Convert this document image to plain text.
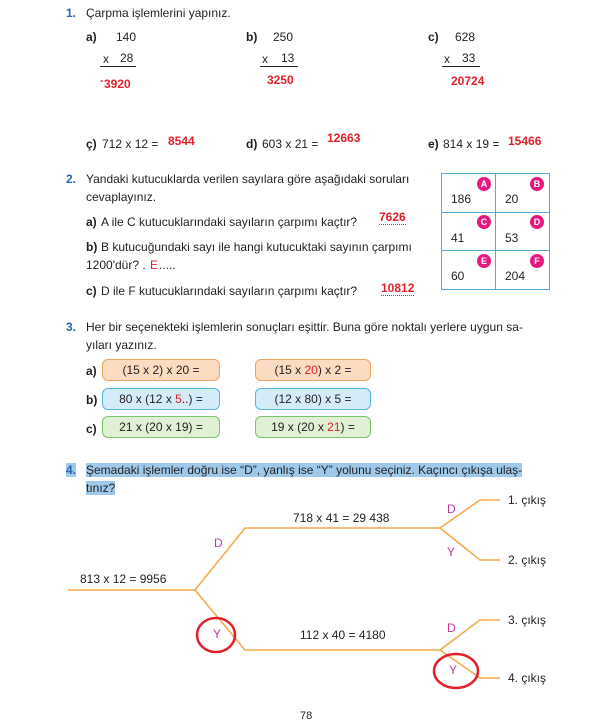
1. Çarpma işlemlerini yapınız.
a) 140
x 28
· 3920
b) 250
x 13
3250
c) 628
x 33
20724
ç) 712 x 12 = 8544	d) 603 x 21 = 12663	e) 814 x 19 = 15466
2. Yandaki kutucuklarda verilen sayılara göre aşağıdaki soruları
cevaplayınız.
a) A ile C kutucuklarındaki sayıların çarpımı kaçtır? 7626
b) B kutucuğundaki sayı ile hangi kutucuktaki sayının çarpımı
1200'dür? . E .....
c) D ile F kutucuklarındaki sayıların çarpımı kaçtır? 10812
A
186
B
20
C
41
D
53
E
60
F
204
3. Her bir seçenekteki işlemlerin sonuçları eşittir. Buna göre noktalı yerlere uygun sa-
yıları yazınız.
a)	(15 x 2) x 20 =	(15 x 20) x 2 =
b)	80 x (12 x 5..) =	(12 x 80) x 5 =
c)	21 x (20 x 19) =	19 x (20 x 21) =
4. Şemadaki işlemler doğru ise “D”, yanlış ise “Y” yolunu seçiniz. Kaçıncı çıkışa ulaş-
tınız?
813 x 12 = 9956
718 x 41 = 29 438
112 x 40 = 4180
D
Y
D
Y
D
Y
1. çıkış
2. çıkış
3. çıkış
4. çıkış
78
